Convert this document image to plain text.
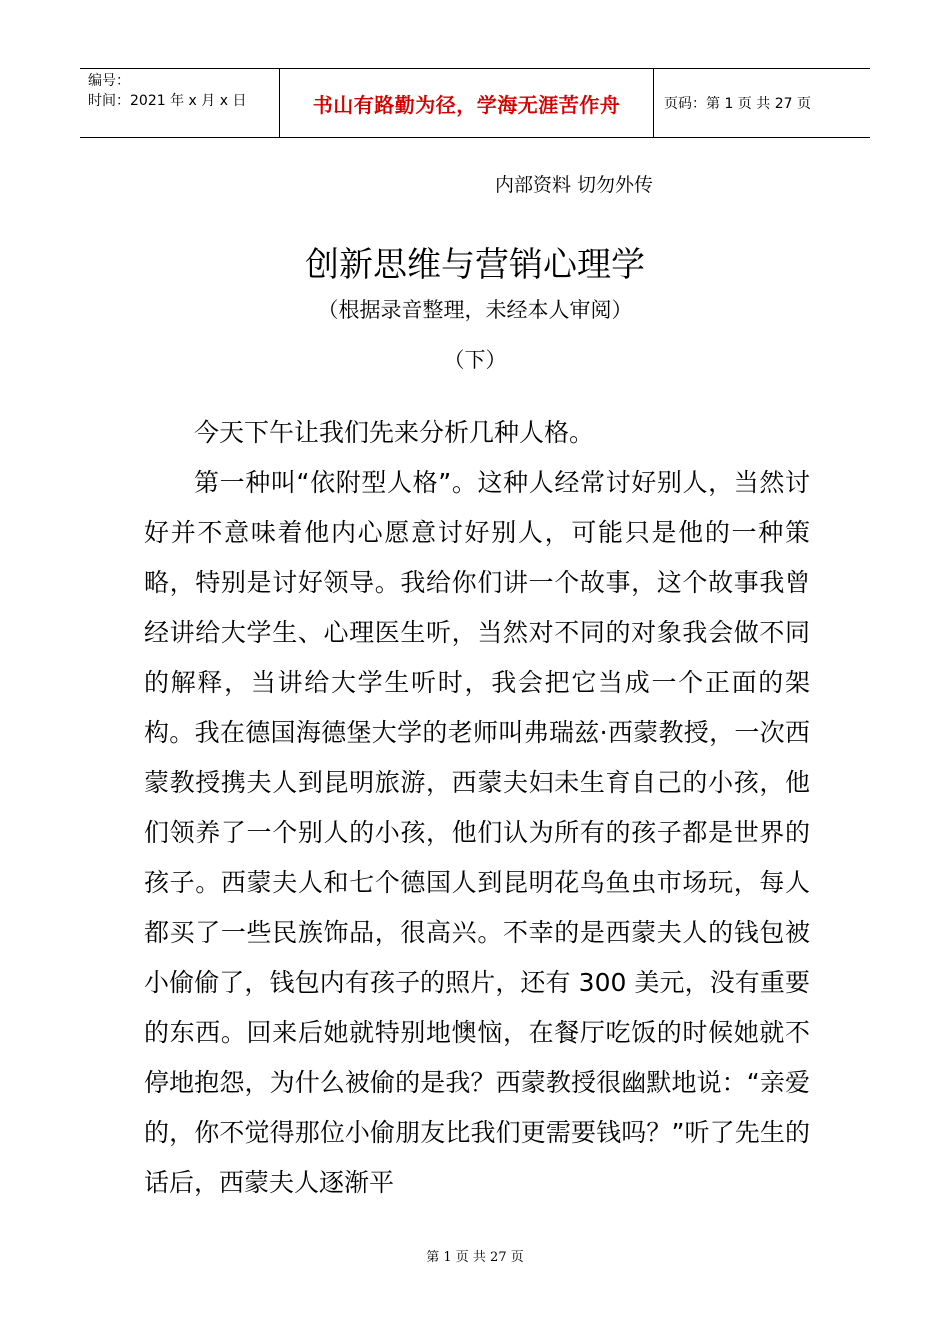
编号：
时间：2021 年 x 月 x 日	书山有路勤为径，学海无涯苦作舟	页码：第 1 页 共 27 页
内部资料 切勿外传
创新思维与营销心理学
（根据录音整理，未经本人审阅）
（下）

今天下午让我们先来分析几种人格。

第一种叫“依附型人格”。这种人经常讨好别人，当然讨好并不意味着他内心愿意讨好别人，可能只是他的一种策略，特别是讨好领导。我给你们讲一个故事，这个故事我曾经讲给大学生、心理医生听，当然对不同的对象我会做不同的解释，当讲给大学生听时，我会把它当成一个正面的架构。我在德国海德堡大学的老师叫弗瑞兹·西蒙教授，一次西蒙教授携夫人到昆明旅游，西蒙夫妇未生育自己的小孩，他们领养了一个别人的小孩，他们认为所有的孩子都是世界的孩子。西蒙夫人和七个德国人到昆明花鸟鱼虫市场玩，每人都买了一些民族饰品，很高兴。不幸的是西蒙夫人的钱包被小偷偷了，钱包内有孩子的照片，还有 300 美元，没有重要的东西。回来后她就特别地懊恼，在餐厅吃饭的时候她就不停地抱怨，为什么被偷的是我？西蒙教授很幽默地说：“亲爱的，你不觉得那位小偷朋友比我们更需要钱吗？”听了先生的话后，西蒙夫人逐渐平

第 1 页 共 27 页
